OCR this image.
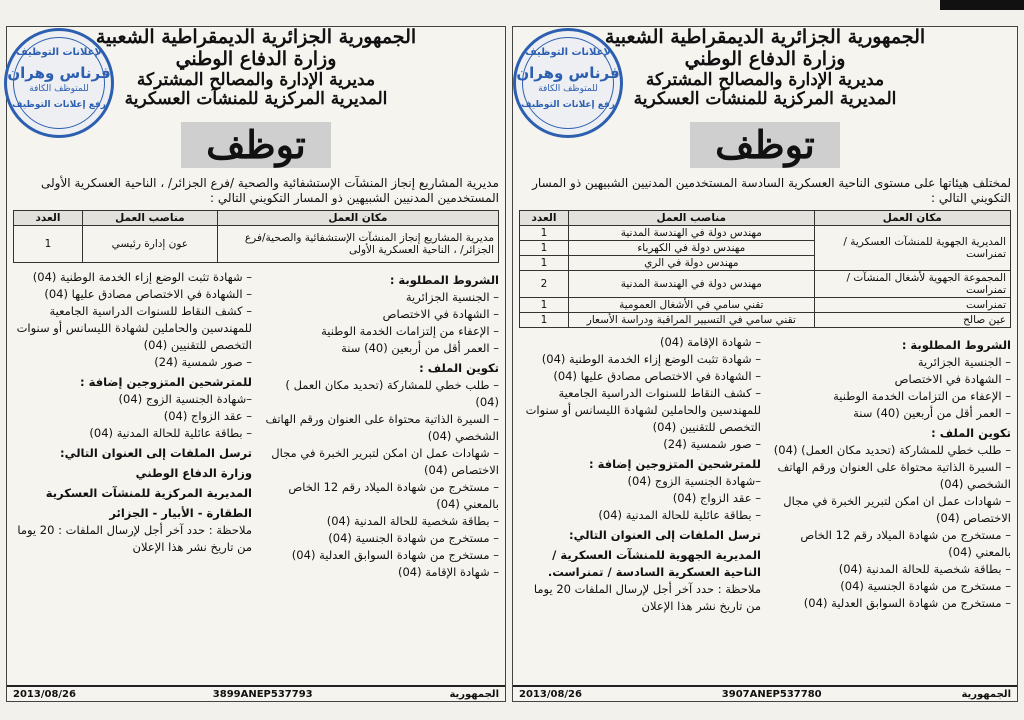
الجمهورية الجزائرية الديمقراطية الشعبية
وزارة الدفاع الوطني
مديرية الإدارة والمصالح المشتركة
المديرية المركزية للمنشآت العسكرية
توظف
لمختلف هيئاتها على مستوى الناحية العسكرية السادسة المستخدمين المدنيين الشبيهين ذو المسار التكويني التالي :
مكان العمل	مناصب العمل	العدد
المديرية الجهوية للمنشآت العسكرية /تمنراست	مهندس دولة في الهندسة المدنية	1
	مهندس دولة في الكهرباء	1
	مهندس دولة في الري	1
المجموعة الجهوية لأشغال المنشآت /تمنراست	مهندس دولة في الهندسة المدنية	2
تمنراست	تقني سامي في الأشغال العمومية	1
عين صالح	تقني سامي في التسيير المراقبة ودراسة الأسعار	1
الشروط المطلوبة :
– الجنسية الجزائرية
– الشهادة في الاختصاص
– الإعفاء من التزامات الخدمة الوطنية
– العمر أقل من أربعين (40) سنة
تكوين الملف :
– طلب خطي للمشاركة (تحديد مكان العمل) (04)
– السيرة الذاتية محتواة على العنوان ورقم الهاتف الشخصي (04)
– شهادات عمل ان امكن لتبرير الخبرة في مجال الاختصاص (04)
– مستخرج من شهادة الميلاد رقم 12 الخاص بالمعني (04)
– بطاقة شخصية للحالة المدنية (04)
– مستخرج من شهادة الجنسية (04)
– مستخرج من شهادة السوابق العدلية (04)
– شهادة الإقامة (04)
– شهادة تثبت الوضع إزاء الخدمة الوطنية (04)
– الشهادة في الاختصاص مصادق عليها (04)
– كشف النقاط للسنوات الدراسية الجامعية للمهندسين والحاملين لشهادة الليسانس أو سنوات التخصص للتقنيين (04)
– صور شمسية (24)
للمترشحين المتزوجين إضافة :
–شهادة الجنسية الزوج (04)
– عقد الزواج (04)
– بطاقة عائلية للحالة المدنية (04)
ترسل الملفات إلى العنوان التالي:
المديرية الجهوية للمنشآت العسكرية / الناحية العسكرية السادسة / تمنراست.
ملاحظة : حدد آخر أجل لإرسال الملفات 20 يوما من تاريخ نشر هذا الإعلان
2013/08/26	3907ANEP537780	الجمهورية
الجمهورية الجزائرية الديمقراطية الشعبية
وزارة الدفاع الوطني
مديرية الإدارة والمصالح المشتركة
المديرية المركزية للمنشآت العسكرية
توظف
مديرية المشاريع إنجاز المنشآت الإستشفائية والصحية /فرع الجزائر/ ، الناحية العسكرية الأولى المستخدمين المدنيين الشبيهين ذو المسار التكويني التالي :
مكان العمل	مناصب العمل	العدد
مديرية المشاريع إنجاز المنشآت الإستشفائية والصحية/فرع الجزائر/ ، الناحية العسكرية الأولى	عون إدارة رئيسي	1
الشروط المطلوبة :
– الجنسية الجزائرية
– الشهادة في الاختصاص
– الإعفاء من إلتزامات الخدمة الوطنية
– العمر أقل من أربعين (40) سنة
تكوين الملف :
– طلب خطي للمشاركة (تحديد مكان العمل ) (04)
– السيرة الذاتية محتواة على العنوان ورقم الهاتف الشخصي (04)
– شهادات عمل ان امكن لتبرير الخبرة في مجال الاختصاص (04)
– مستخرج من شهادة الميلاد رقم 12 الخاص بالمعني (04)
– بطاقة شخصية للحالة المدنية (04)
– مستخرج من شهادة الجنسية (04)
– مستخرج من شهادة السوابق العدلية (04)
– شهادة الإقامة (04)
– شهادة تثبت الوضع إزاء الخدمة الوطنية (04)
– الشهادة في الاختصاص مصادق عليها (04)
– كشف النقاط للسنوات الدراسية الجامعية للمهندسين والحاملين لشهادة الليسانس أو سنوات التخصص للتقنيين (04)
– صور شمسية (24)
للمترشحين المتزوجين إضافة :
–شهادة الجنسية الزوج (04)
– عقد الزواج (04)
– بطاقة عائلية للحالة المدنية (04)
ترسل الملفات إلى العنوان التالي:
وزارة الدفاع الوطني
المديرية المركزية للمنشآت العسكرية
الطقارة - الأبيار - الجزائر
ملاحظة : حدد آخر أجل لإرسال الملفات : 20 يوما من تاريخ نشر هذا الإعلان
2013/08/26	3899ANEP537793	الجمهورية
لإعلانات التوظيف
فرناس وهران
للمتوظف الكافة
رفع إعلانات التوظيف
لإعلانات التوظيف
فرناس وهران
للمتوظف الكافة
رفع إعلانات التوظيف
